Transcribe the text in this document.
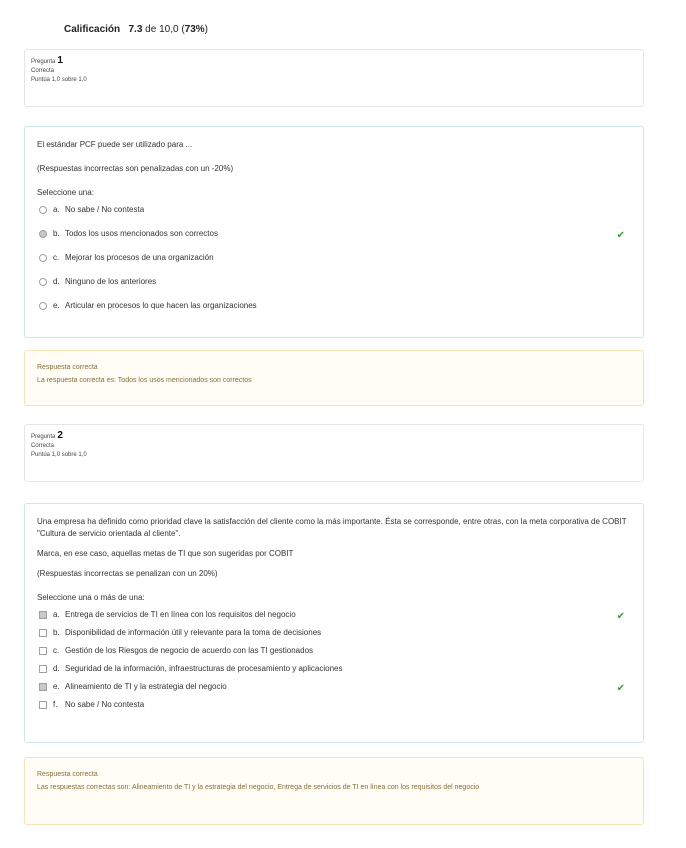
Calificación 7.3 de 10,0 (73%)
Pregunta 1
Correcta
Puntúa 1,0 sobre 1,0

El estándar PCF puede ser utilizado para ...

(Respuestas incorrectas son penalizadas con un -20%)

Seleccione una:
a. No sabe / No contesta
b. Todos los usos mencionados son correctos	✔
c. Mejorar los procesos de una organización
d. Ninguno de los anteriores
e. Articular en procesos lo que hacen las organizaciones
Respuesta correcta
La respuesta correcta es: Todos los usos mencionados son correctos
Pregunta 2
Correcta
Puntúa 1,0 sobre 1,0

Una empresa ha definido como prioridad clave la satisfacción del cliente como la más importante. Ésta se corresponde, entre otras, con la meta corporativa de COBIT "Cultura de servicio orientada al cliente".

Marca, en ese caso, aquellas metas de TI que son sugeridas por COBIT

(Respuestas incorrectas se penalizan con un 20%)

Seleccione una o más de una:
a. Entrega de servicios de TI en línea con los requisitos del negocio	✔
b. Disponibilidad de información útil y relevante para la toma de decisiones
c. Gestión de los Riesgos de negocio de acuerdo con las TI gestionados
d. Seguridad de la información, infraestructuras de procesamiento y aplicaciones
e. Alineamiento de TI y la estrategia del negocio	✔
f. No sabe / No contesta
Respuesta correcta
Las respuestas correctas son: Alineamiento de TI y la estrategia del negocio, Entrega de servicios de TI en línea con los requisitos del negocio
